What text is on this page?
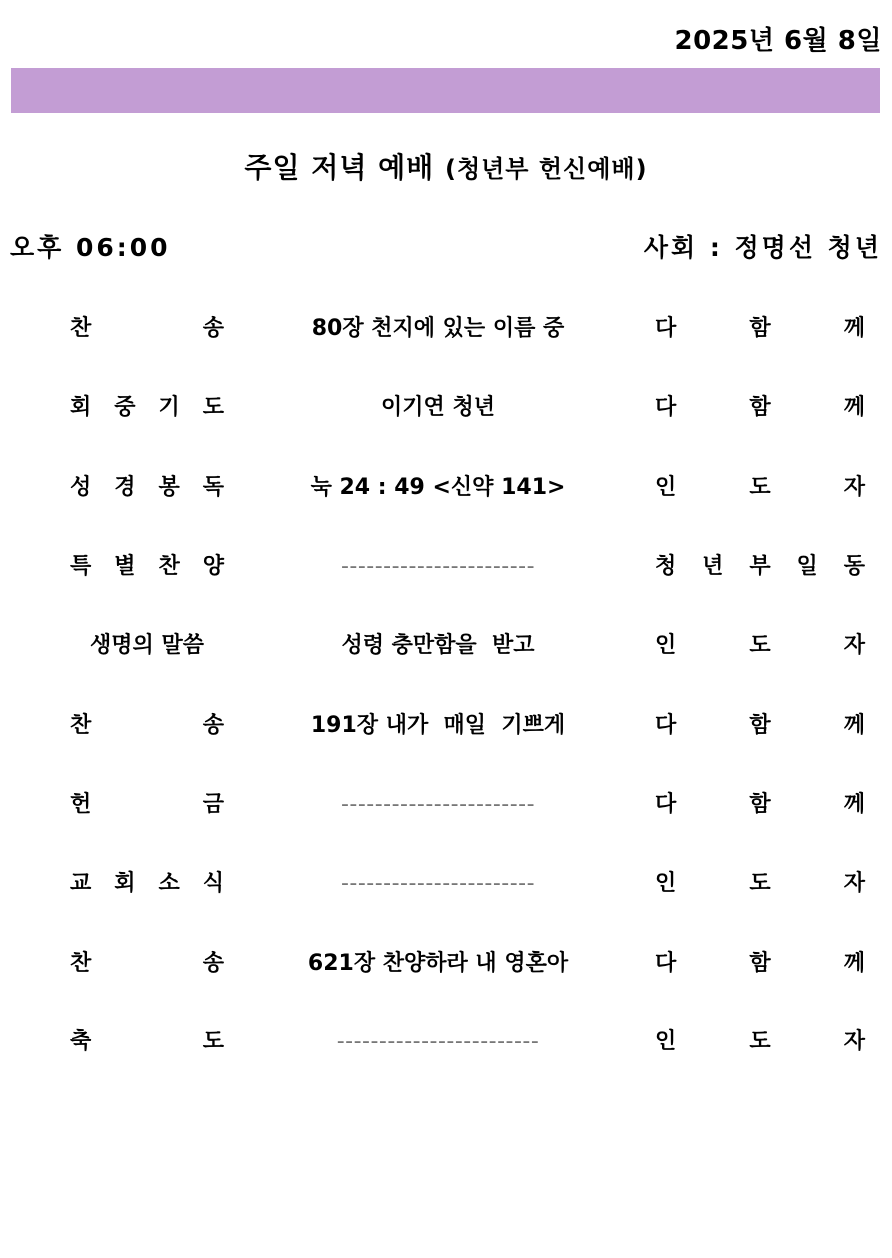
2025년 6월 8일
주일 저녁 예배 (청년부 헌신예배)
오후 06:00	사회 : 정명선 청년
찬 송	80장 천지에 있는 이름 중	다 함 께
회 중 기 도	이기연 청년	다 함 께
성 경 봉 독	눅 24 : 49 <신약 141>	인 도 자
특 별 찬 양	-----------------------	청 년 부 일 동
생명의 말씀	성령 충만함을  받고	인 도 자
찬 송	191장 내가  매일  기쁘게	다 함 께
헌 금	-----------------------	다 함 께
교 회 소 식	-----------------------	인 도 자
찬 송	621장 찬양하라 내 영혼아	다 함 께
축 도	------------------------	인 도 자
